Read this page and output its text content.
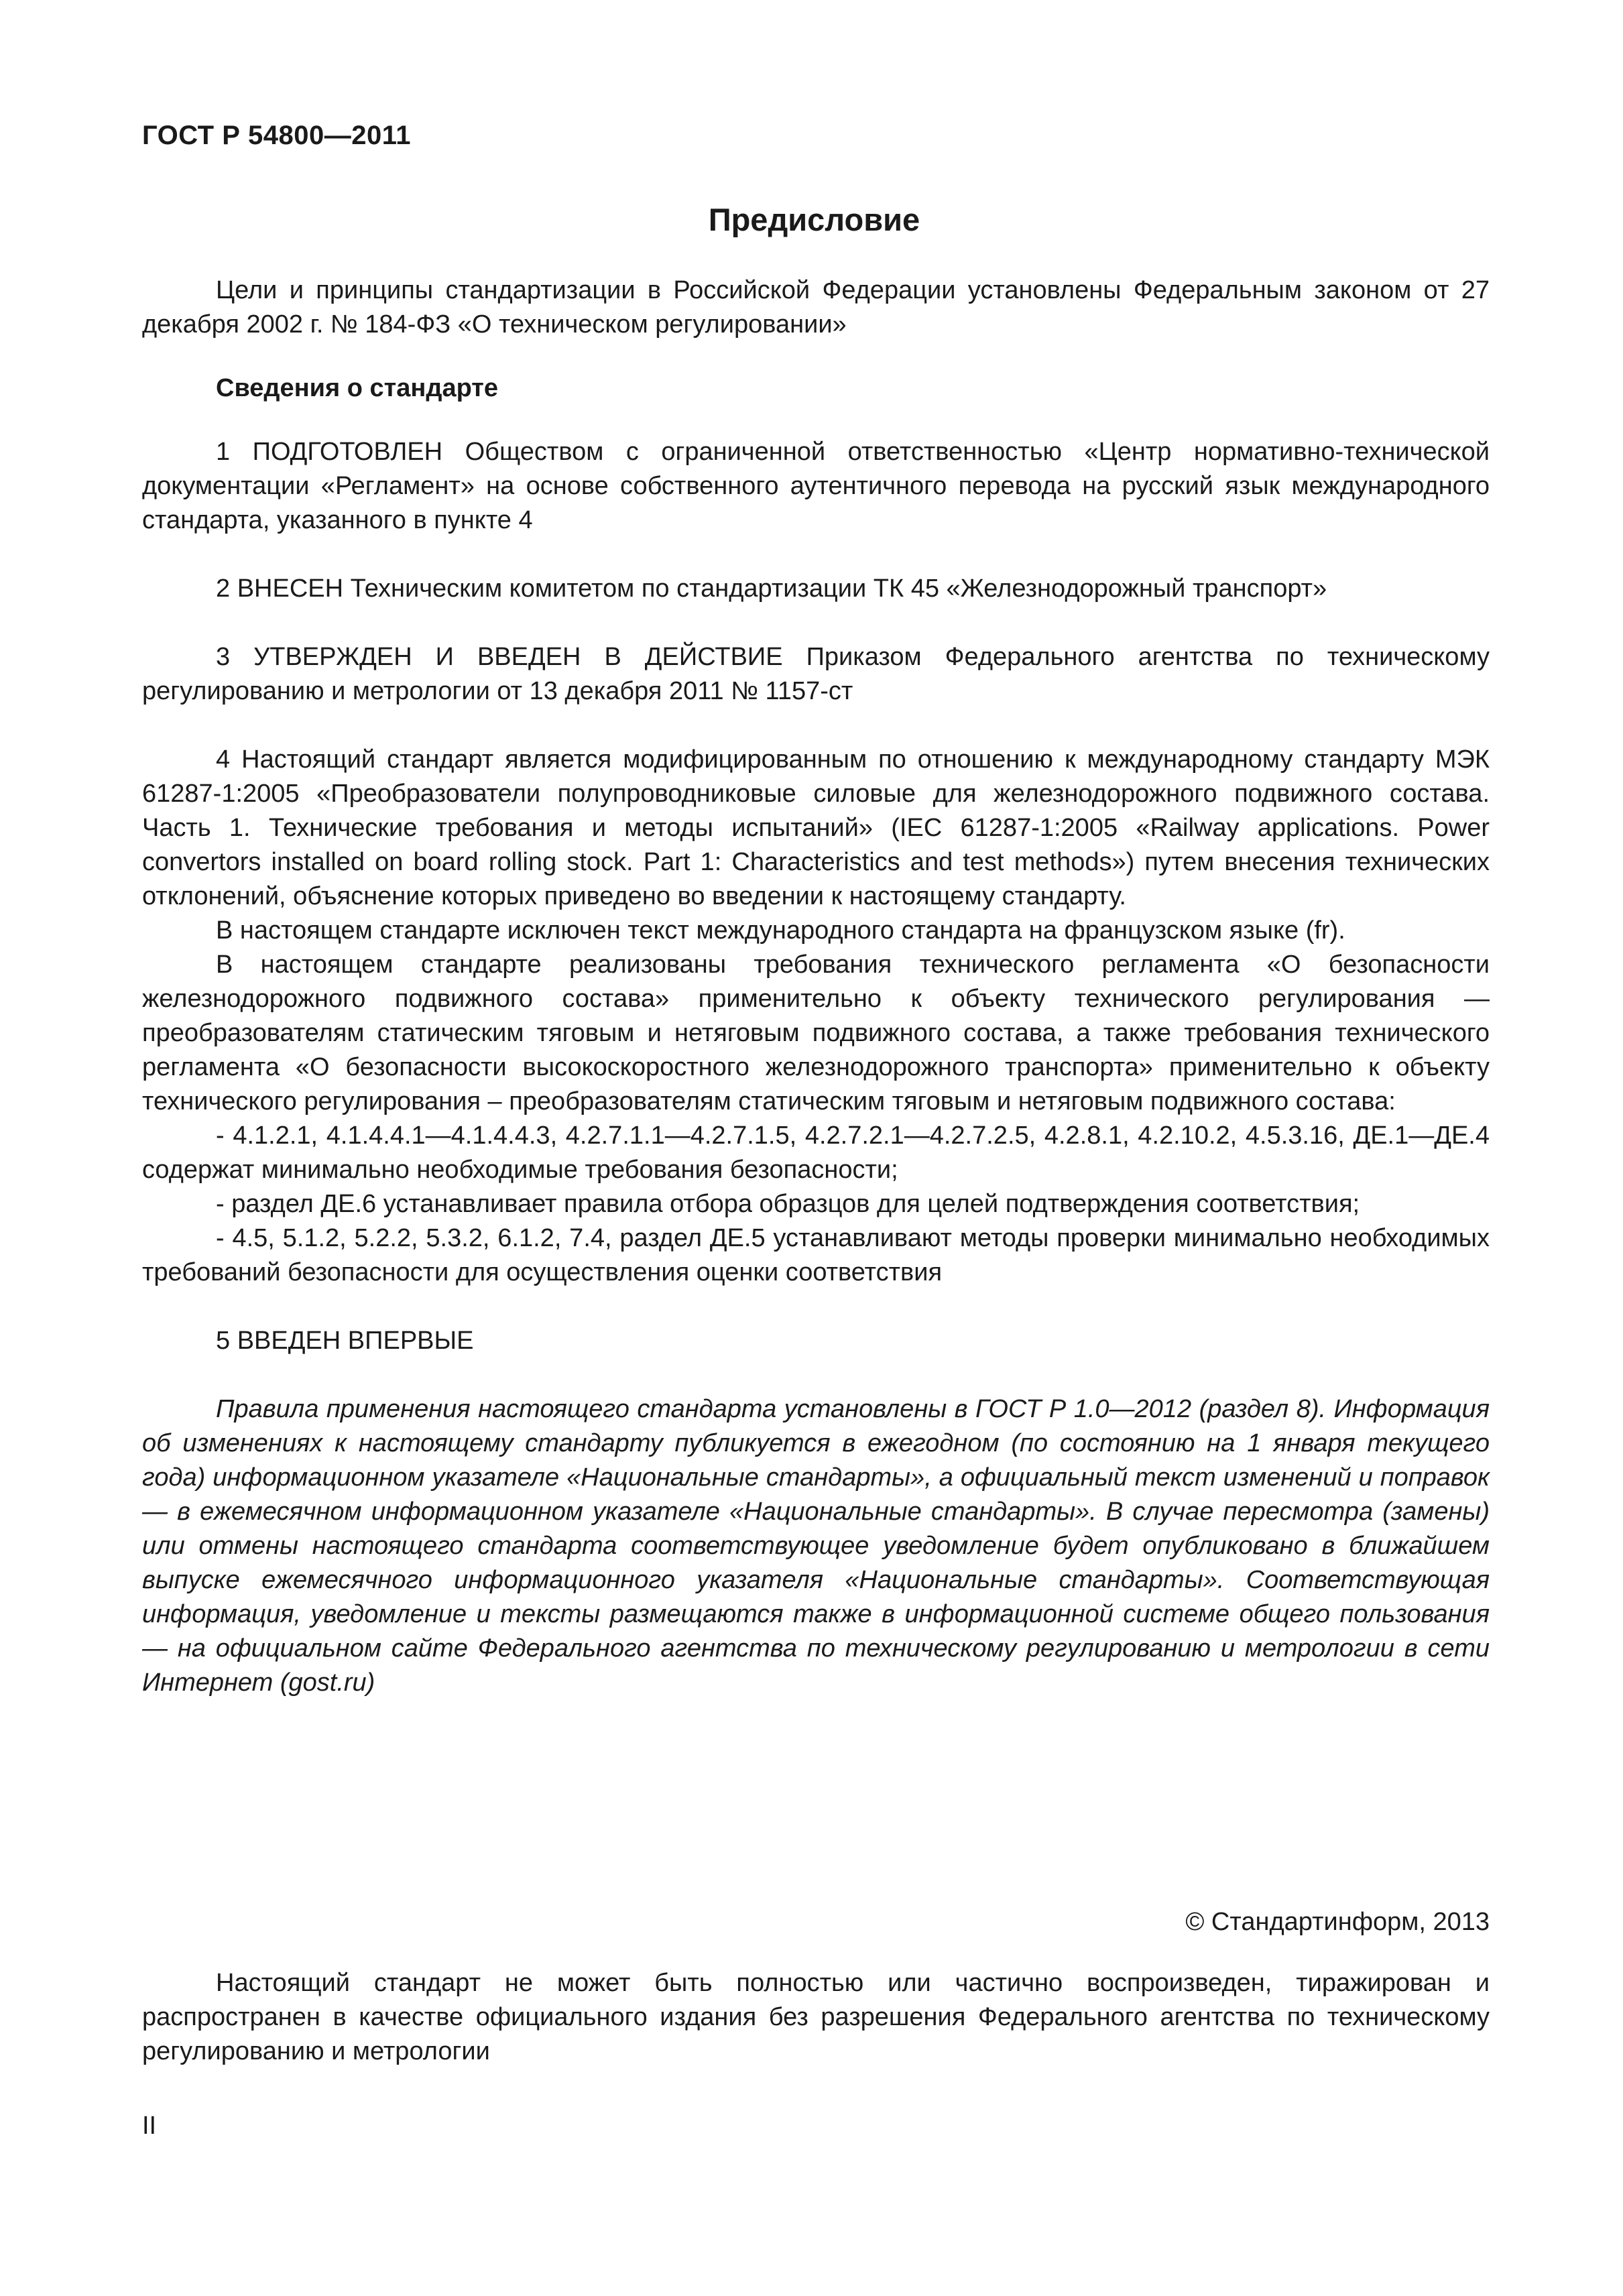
ГОСТ Р 54800—2011
Предисловие

Цели и принципы стандартизации в Российской Федерации установлены Федеральным законом от 27 декабря 2002 г. № 184-ФЗ «О техническом регулировании»

Сведения о стандарте

1 ПОДГОТОВЛЕН Обществом с ограниченной ответственностью «Центр нормативно-технической документации «Регламент» на основе собственного аутентичного перевода на русский язык международного стандарта, указанного в пункте 4

2 ВНЕСЕН Техническим комитетом по стандартизации ТК 45 «Железнодорожный транспорт»

3 УТВЕРЖДЕН И ВВЕДЕН В ДЕЙСТВИЕ Приказом Федерального агентства по техническому регулированию и метрологии от 13 декабря 2011 № 1157-ст

4 Настоящий стандарт является модифицированным по отношению к международному стандарту МЭК 61287-1:2005 «Преобразователи полупроводниковые силовые для железнодорожного подвижного состава. Часть 1. Технические требования и методы испытаний» (IEC 61287-1:2005 «Railway applications. Power convertors installed on board rolling stock. Part 1: Characteristics and test methods») путем внесения технических отклонений, объяснение которых приведено во введении к настоящему стандарту.

В настоящем стандарте исключен текст международного стандарта на французском языке (fr).

В настоящем стандарте реализованы требования технического регламента «О безопасности железнодорожного подвижного состава» применительно к объекту технического регулирования — преобразователям статическим тяговым и нетяговым подвижного состава, а также требования технического регламента «О безопасности высокоскоростного железнодорожного транспорта» применительно к объекту технического регулирования – преобразователям статическим тяговым и нетяговым подвижного состава:

- 4.1.2.1, 4.1.4.4.1—4.1.4.4.3, 4.2.7.1.1—4.2.7.1.5, 4.2.7.2.1—4.2.7.2.5, 4.2.8.1, 4.2.10.2, 4.5.3.16, ДЕ.1—ДЕ.4 содержат минимально необходимые требования безопасности;

- раздел ДЕ.6 устанавливает правила отбора образцов для целей подтверждения соответствия;

- 4.5, 5.1.2, 5.2.2, 5.3.2, 6.1.2, 7.4, раздел ДЕ.5 устанавливают методы проверки минимально необходимых требований безопасности для осуществления оценки соответствия

5 ВВЕДЕН ВПЕРВЫЕ

Правила применения настоящего стандарта установлены в ГОСТ Р 1.0—2012 (раздел 8). Информация об изменениях к настоящему стандарту публикуется в ежегодном (по состоянию на 1 января текущего года) информационном указателе «Национальные стандарты», а официальный текст изменений и поправок — в ежемесячном информационном указателе «Национальные стандарты». В случае пересмотра (замены) или отмены настоящего стандарта соответствующее уведомление будет опубликовано в ближайшем выпуске ежемесячного информационного указателя «Национальные стандарты». Соответствующая информация, уведомление и тексты размещаются также в информационной системе общего пользования — на официальном сайте Федерального агентства по техническому регулированию и метрологии в сети Интернет (gost.ru)

© Стандартинформ, 2013

Настоящий стандарт не может быть полностью или частично воспроизведен, тиражирован и распространен в качестве официального издания без разрешения Федерального агентства по техническому регулированию и метрологии

II
